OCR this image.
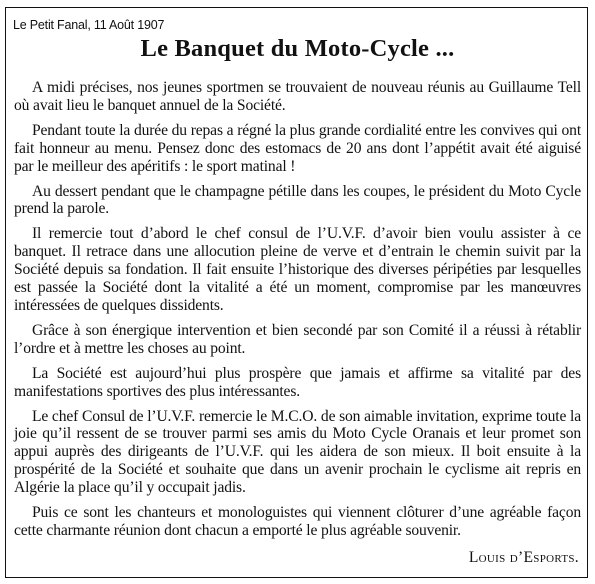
Le Petit Fanal, 11 Août 1907
Le Banquet du Moto-Cycle ...

A midi précises, nos jeunes sportmen se trouvaient de nouveau réunis au Guillaume Tell où avait lieu le banquet annuel de la Société.

Pendant toute la durée du repas a régné la plus grande cordialité entre les convives qui ont fait honneur au menu. Pensez donc des estomacs de 20 ans dont l’appétit avait été aiguisé par le meilleur des apéritifs : le sport matinal !

Au dessert pendant que le champagne pétille dans les coupes, le président du Moto Cycle prend la parole.

Il remercie tout d’abord le chef consul de l’U.V.F. d’avoir bien voulu assister à ce banquet. Il retrace dans une allocution pleine de verve et d’entrain le chemin suivit par la Société depuis sa fondation. Il fait ensuite l’historique des diverses péripéties par lesquelles est passée la Société dont la vitalité a été un moment, compromise par les manœuvres intéressées de quelques dissidents.

Grâce à son énergique intervention et bien secondé par son Comité il a réussi à rétablir l’ordre et à mettre les choses au point.

La Société est aujourd’hui plus prospère que jamais et affirme sa vitalité par des manifestations sportives des plus intéressantes.

Le chef Consul de l’U.V.F. remercie le M.C.O. de son aimable invitation, exprime toute la joie qu’il ressent de se trouver parmi ses amis du Moto Cycle Oranais et leur promet son appui auprès des dirigeants de l’U.V.F. qui les aidera de son mieux. Il boit ensuite à la prospérité de la Société et souhaite que dans un avenir prochain le cyclisme ait repris en Algérie la place qu’il y occupait jadis.

Puis ce sont les chanteurs et monologuistes qui viennent clôturer d’une agréable façon cette charmante réunion dont chacun a emporté le plus agréable souvenir.

Louis d’Esports.
